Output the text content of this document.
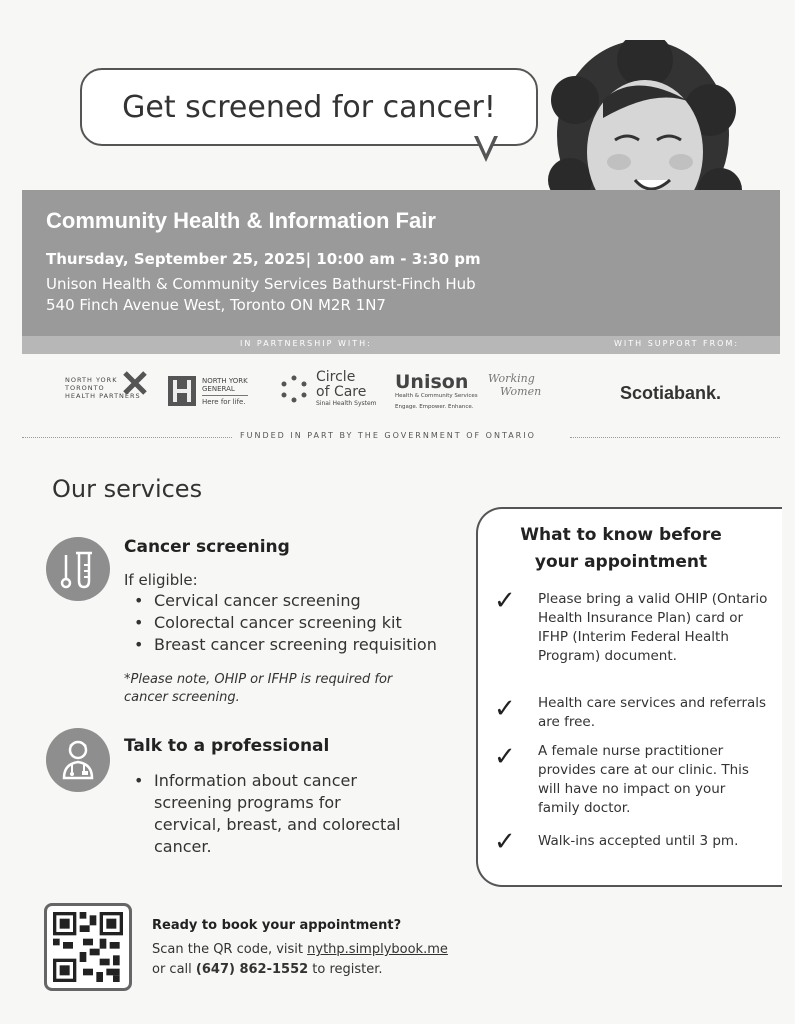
Get screened for cancer!
Community Health & Information Fair
Thursday, September 25, 2025| 10:00 am - 3:30 pm
Unison Health & Community Services Bathurst-Finch Hub
540 Finch Avenue West, Toronto ON M2R 1N7
IN PARTNERSHIP WITH:	WITH SUPPORT FROM:
NORTH YORK
TORONTO
HEALTH PARTNERS
NORTH YORK
GENERAL
Here for life.
Circle
of Care
Sinai Health System
Unison
Health & Community Services
Engage. Empower. Enhance.
Working
Women	Scotiabank.
FUNDED IN PART BY THE GOVERNMENT OF ONTARIO
Our services
Cancer screening
If eligible:
• Cervical cancer screening
• Colorectal cancer screening kit
• Breast cancer screening requisition
*Please note, OHIP or IFHP is required for cancer screening.
Talk to a professional
• Information about cancer screening programs for cervical, breast, and colorectal cancer.
What to know before
your appointment
✓ Please bring a valid OHIP (Ontario Health Insurance Plan) card or IFHP (Interim Federal Health Program) document.
✓ Health care services and referrals are free.
✓ A female nurse practitioner provides care at our clinic. This will have no impact on your family doctor.
✓ Walk-ins accepted until 3 pm.
Ready to book your appointment?
Scan the QR code, visit nythp.simplybook.me
or call (647) 862-1552 to register.
